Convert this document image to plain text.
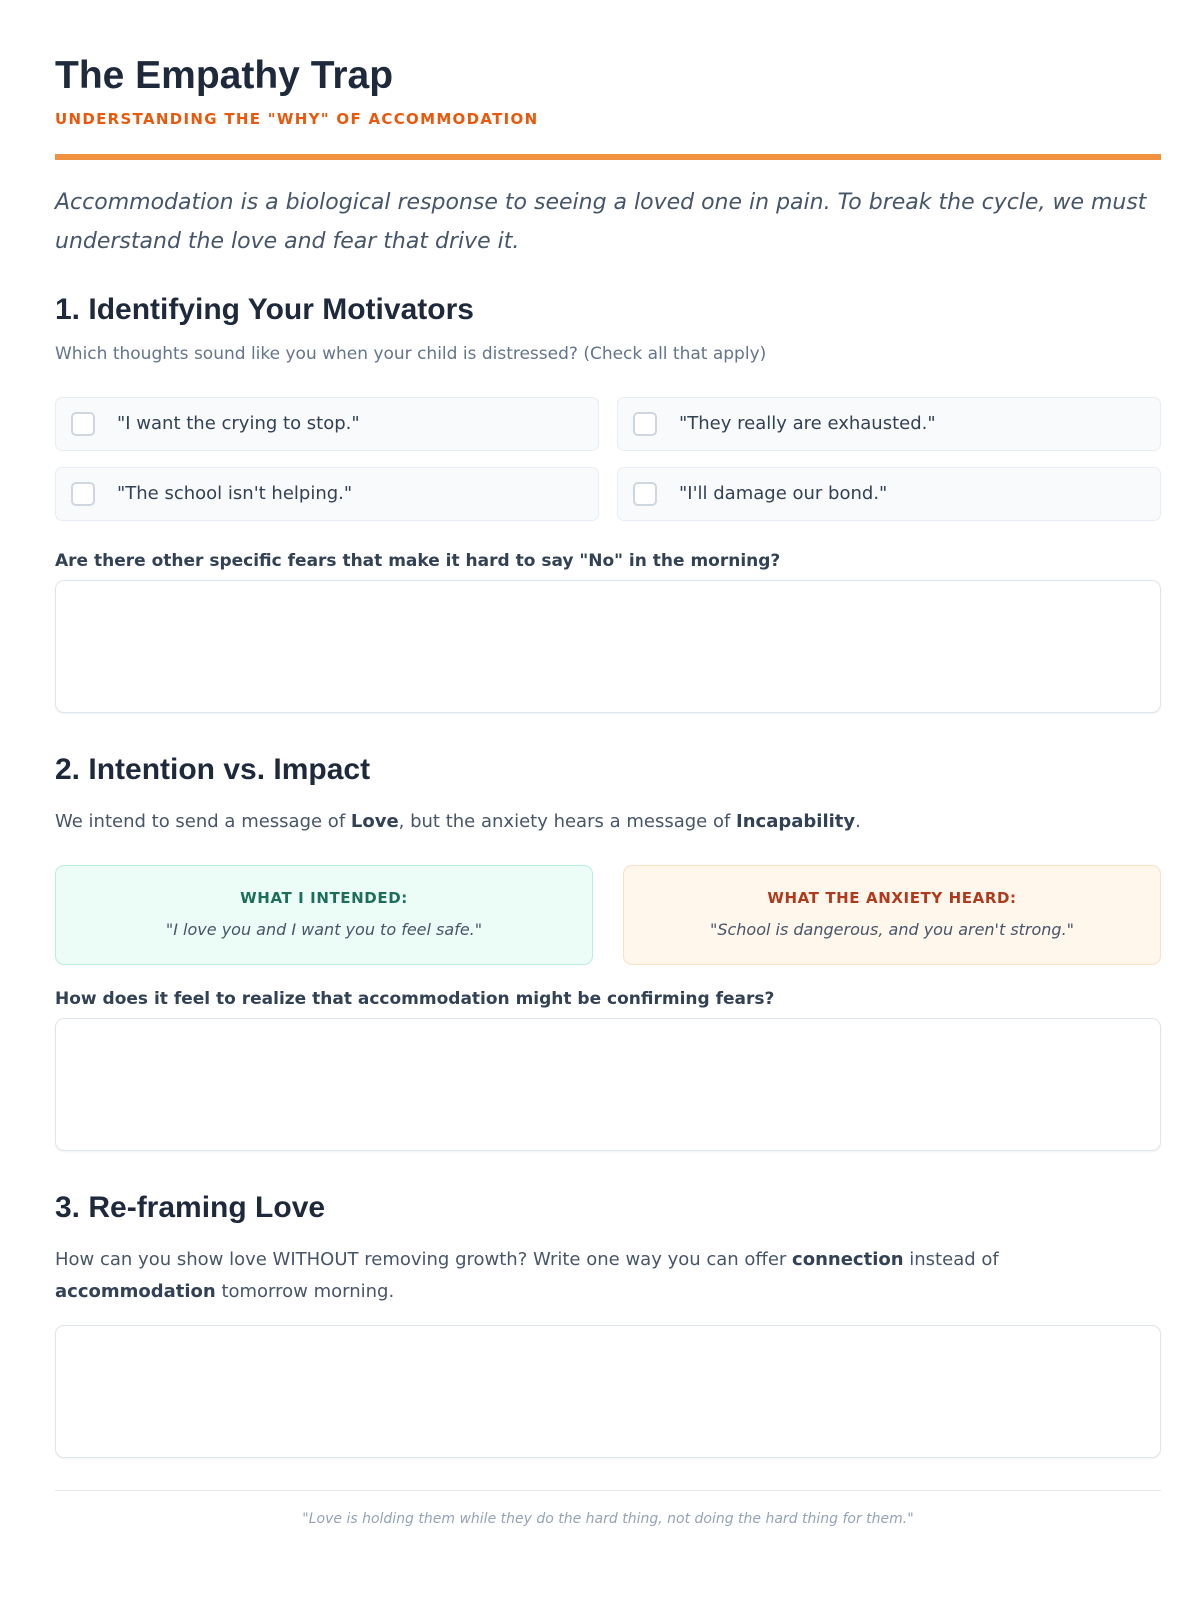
The Empathy Trap
UNDERSTANDING THE "WHY" OF ACCOMMODATION
Accommodation is a biological response to seeing a loved one in pain. To break the cycle, we must understand the love and fear that drive it.
1. Identifying Your Motivators
Which thoughts sound like you when your child is distressed? (Check all that apply)
"I want the crying to stop."	"They really are exhausted."
"The school isn't helping."	"I'll damage our bond."
Are there other specific fears that make it hard to say "No" in the morning?
2. Intention vs. Impact
We intend to send a message of Love, but the anxiety hears a message of Incapability.
WHAT I INTENDED:
"I love you and I want you to feel safe."
WHAT THE ANXIETY HEARD:
"School is dangerous, and you aren't strong."
How does it feel to realize that accommodation might be confirming fears?
3. Re-framing Love
How can you show love WITHOUT removing growth? Write one way you can offer connection instead of accommodation tomorrow morning.
"Love is holding them while they do the hard thing, not doing the hard thing for them."
